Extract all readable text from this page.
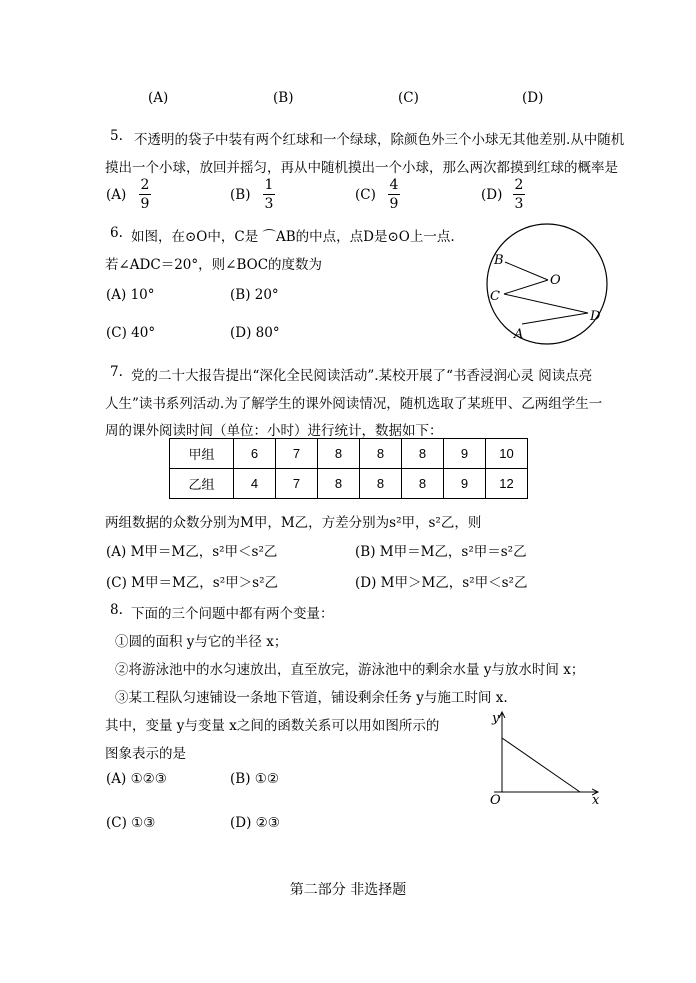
(A)	(B)	(C)	(D)
5. 不透明的袋子中装有两个红球和一个绿球，除颜色外三个小球无其他差别.从中随机
摸出一个小球，放回并摇匀，再从中随机摸出一个小球，那么两次都摸到红球的概率是
(A)
2
9
(B)
1
3
(C)
4
9
(D)
2
3
6. 如图，在⊙O中，C是 ⌒AB的中点，点D是⊙O上一点.
若∠ADC＝20°，则∠BOC的度数为
(A) 10°	(B) 20°
(C) 40°	(D) 80°
B
O
C
A
D
7. 党的二十大报告提出“深化全民阅读活动”.某校开展了“书香浸润心灵 阅读点亮
人生”读书系列活动.为了解学生的课外阅读情况，随机选取了某班甲、乙两组学生一
周的课外阅读时间（单位：小时）进行统计，数据如下：
甲组	6	7	8	8	8	9	10
乙组	4	7	8	8	8	9	12
两组数据的众数分别为M甲，M乙，方差分别为s²甲，s²乙，则
(A) M甲＝M乙，s²甲＜s²乙	(B) M甲＝M乙，s²甲＝s²乙
(C) M甲＝M乙，s²甲＞s²乙	(D) M甲＞M乙，s²甲＜s²乙
8. 下面的三个问题中都有两个变量：
①圆的面积 y与它的半径 x；
②将游泳池中的水匀速放出，直至放完，游泳池中的剩余水量 y与放水时间 x；
③某工程队匀速铺设一条地下管道，铺设剩余任务 y与施工时间 x.
其中，变量 y与变量 x之间的函数关系可以用如图所示的
图象表示的是
(A) ①②③	(B) ①②
(C) ①③	(D) ②③
y
x
O
第二部分 非选择题
